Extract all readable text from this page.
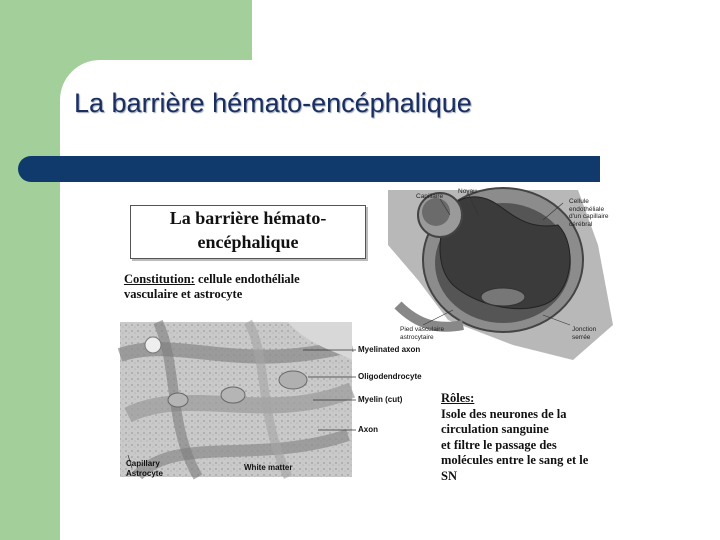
La barrière hémato-encéphalique
La barrière hémato-
encéphalique
Constitution: cellule endothéliale
vasculaire et astrocyte
Rôles:
Isole des neurones de la
circulation sanguine
et filtre le passage des
molécules entre le sang et le
SN
Myelinated axon
Oligodendrocyte
Myelin (cut)
Axon
Capillary
Astrocyte
White matter
Capillaire
Noyau
Cellule
endothéliale
d'un capillaire
cérébral
Pied vasculaire
astrocytaire
Jonction
serrée
